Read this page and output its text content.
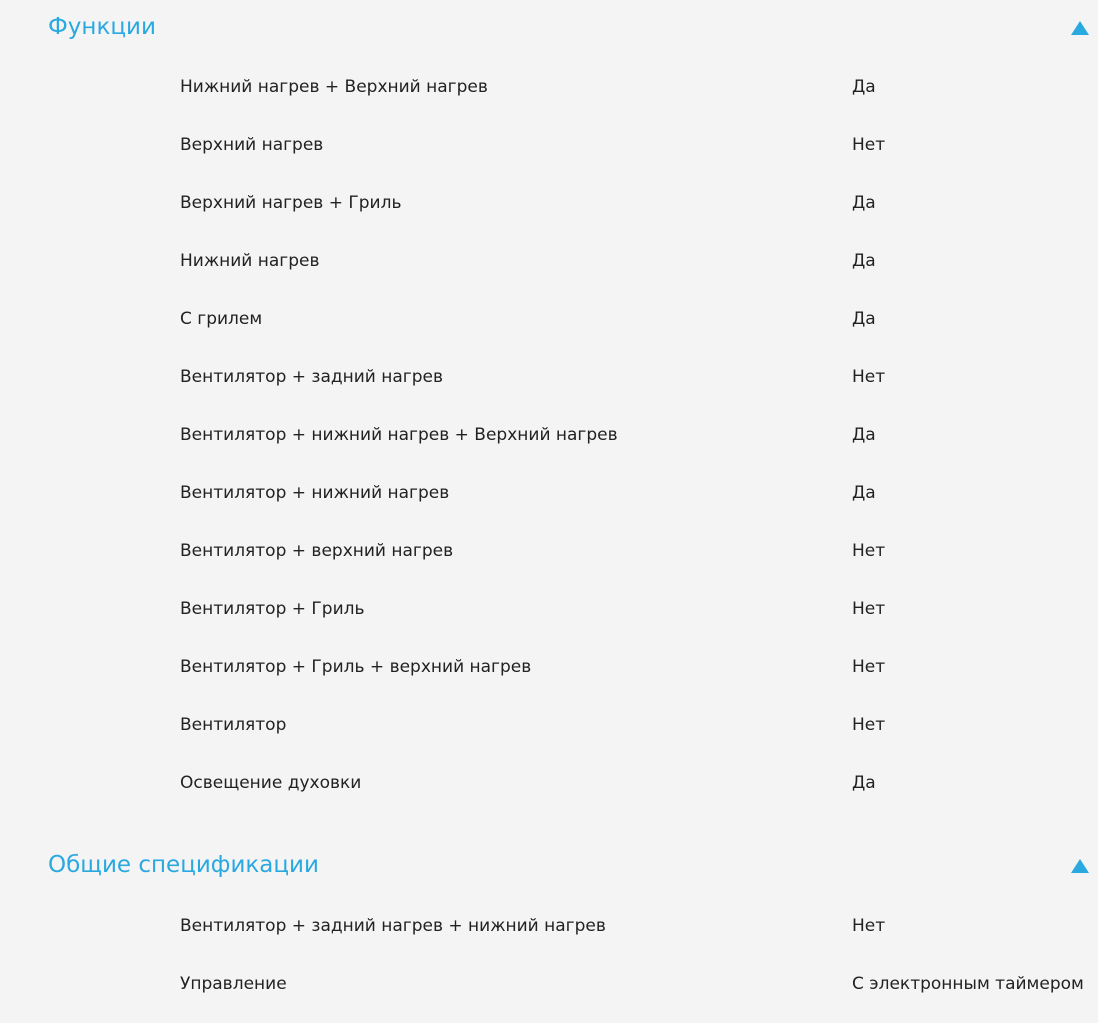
Функции
Нижний нагрев + Верхний нагрев	Да
Верхний нагрев	Нет
Верхний нагрев + Гриль	Да
Нижний нагрев	Да
С грилем	Да
Вентилятор + задний нагрев	Нет
Вентилятор + нижний нагрев + Верхний нагрев	Да
Вентилятор + нижний нагрев	Да
Вентилятор + верхний нагрев	Нет
Вентилятор + Гриль	Нет
Вентилятор + Гриль + верхний нагрев	Нет
Вентилятор	Нет
Освещение духовки	Да
Общие спецификации
Вентилятор + задний нагрев + нижний нагрев	Нет
Управление	С электронным таймером
